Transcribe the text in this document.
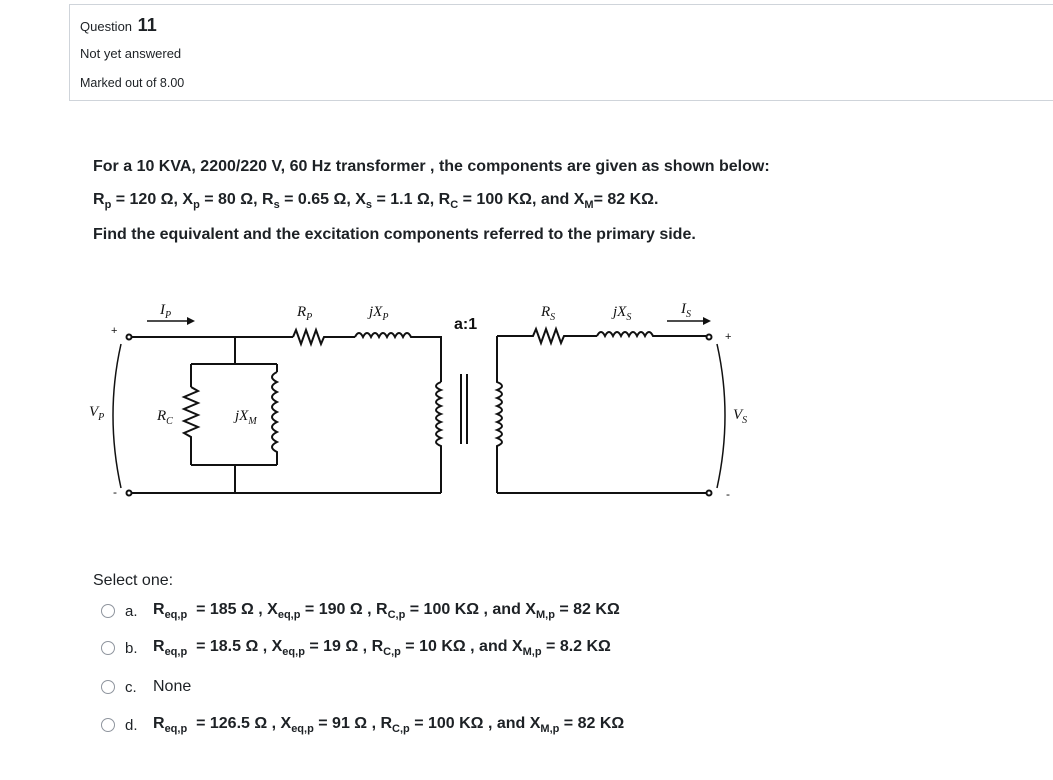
Question 11
Not yet answered
Marked out of 8.00
For a 10 KVA, 2200/220 V, 60 Hz transformer , the components are given as shown below:
$R_p = 120$ Ω, $X_p = 80$ Ω, $R_s = 0.65$ Ω, $X_s = 1.1$ Ω, $R_C = 100$ KΩ, and $X_M= 82$ KΩ.
Find the equivalent and the excitation components referred to the primary side.
$I_P$	$R_P$	$jX_P$	$R_S$	$jX_S$
$I_S$
$V_P$	$R_C$	$jX_M$	$V_S$
a:1
+
-
+
-
Select one:
a. $R_{eq,p} = 185$ Ω , $X_{eq,p} = 190$ Ω , $R_{C,p} = 100$ KΩ , and $X_{M,p} = 82$ KΩ
b. $R_{eq,p} = 18.5$ Ω , $X_{eq,p} = 19$ Ω , $R_{C,p} = 10$ KΩ , and $X_{M,p} = 8.2$ KΩ
c.	None
d. $R_{eq,p} = 126.5$ Ω , $X_{eq,p} = 91$ Ω , $R_{C,p} = 100$ KΩ , and $X_{M,p} = 82$ KΩ
